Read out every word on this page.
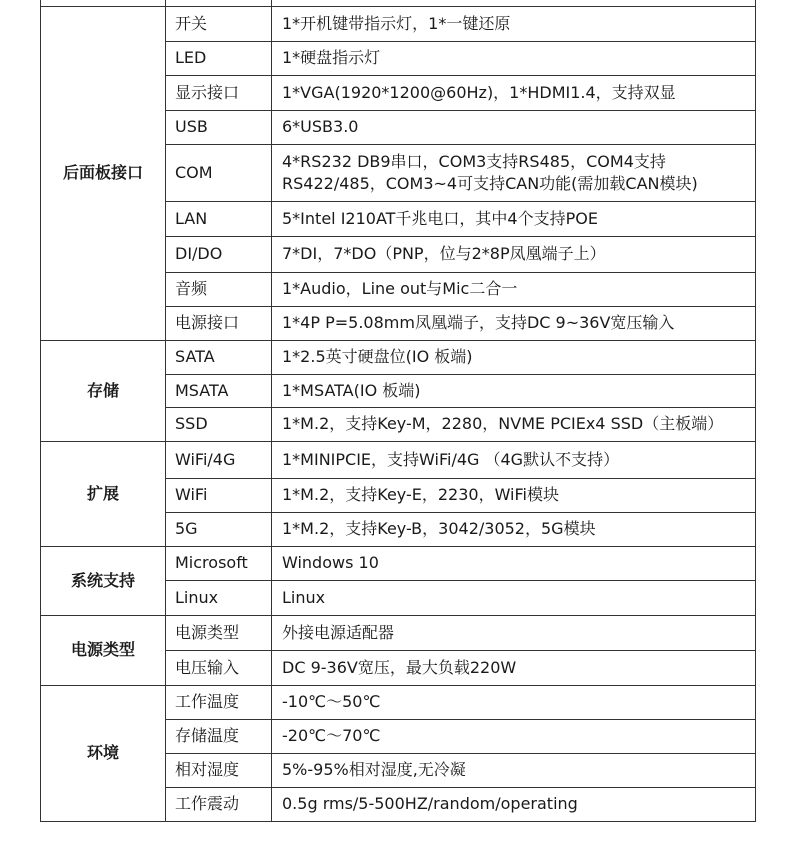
后面板接口	开关	1*开机键带指示灯，1*一键还原
	LED	1*硬盘指示灯
	显示接口	1*VGA(1920*1200@60Hz)，1*HDMI1.4，支持双显
	USB	6*USB3.0
	COM	4*RS232 DB9串口，COM3支持RS485，COM4支持
RS422/485，COM3~4可支持CAN功能(需加载CAN模块)

	LAN	5*Intel I210AT千兆电口，其中4个支持POE
	DI/DO	7*DI，7*DO（PNP，位与2*8P凤凰端子上）
	音频	1*Audio，Line out与Mic二合一
	电源接口	1*4P P=5.08mm凤凰端子，支持DC 9~36V宽压输入
存储	SATA	1*2.5英寸硬盘位(IO 板端)
	MSATA	1*MSATA(IO 板端)
	SSD	1*M.2，支持Key-M，2280，NVME PCIEx4 SSD（主板端）
扩展	WiFi/4G	1*MINIPCIE，支持WiFi/4G （4G默认不支持）
	WiFi	1*M.2，支持Key-E，2230，WiFi模块
	5G	1*M.2，支持Key-B，3042/3052，5G模块
系统支持	Microsoft	Windows 10
	Linux	Linux
电源类型	电源类型	外接电源适配器
	电压输入	DC 9-36V宽压，最大负载220W
环境	工作温度	-10℃～50℃
	存储温度	-20℃～70℃
	相对湿度	5%-95%相对湿度,无冷凝
	工作震动	0.5g rms/5-500HZ/random/operating
